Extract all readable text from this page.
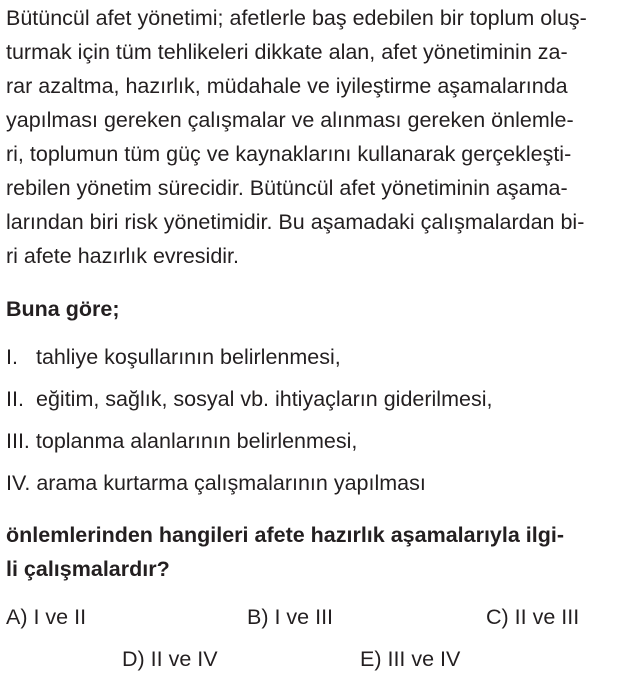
Bütüncül afet yönetimi; afetlerle baş edebilen bir toplum oluş-
turmak için tüm tehlikeleri dikkate alan, afet yönetiminin za-
rar azaltma, hazırlık, müdahale ve iyileştirme aşamalarında
yapılması gereken çalışmalar ve alınması gereken önlemle-
ri, toplumun tüm güç ve kaynaklarını kullanarak gerçekleşti-
rebilen yönetim sürecidir. Bütüncül afet yönetiminin aşama-
larından biri risk yönetimidir. Bu aşamadaki çalışmalardan bi-
ri afete hazırlık evresidir.
Buna göre;
I. tahliye koşullarının belirlenmesi,
II. eğitim, sağlık, sosyal vb. ihtiyaçların giderilmesi,
III. toplanma alanlarının belirlenmesi,
IV. arama kurtarma çalışmalarının yapılması
önlemlerinden hangileri afete hazırlık aşamalarıyla ilgi-
li çalışmalardır?
A) I ve II	B) I ve III	C) II ve III
D) II ve IV	E) III ve IV
